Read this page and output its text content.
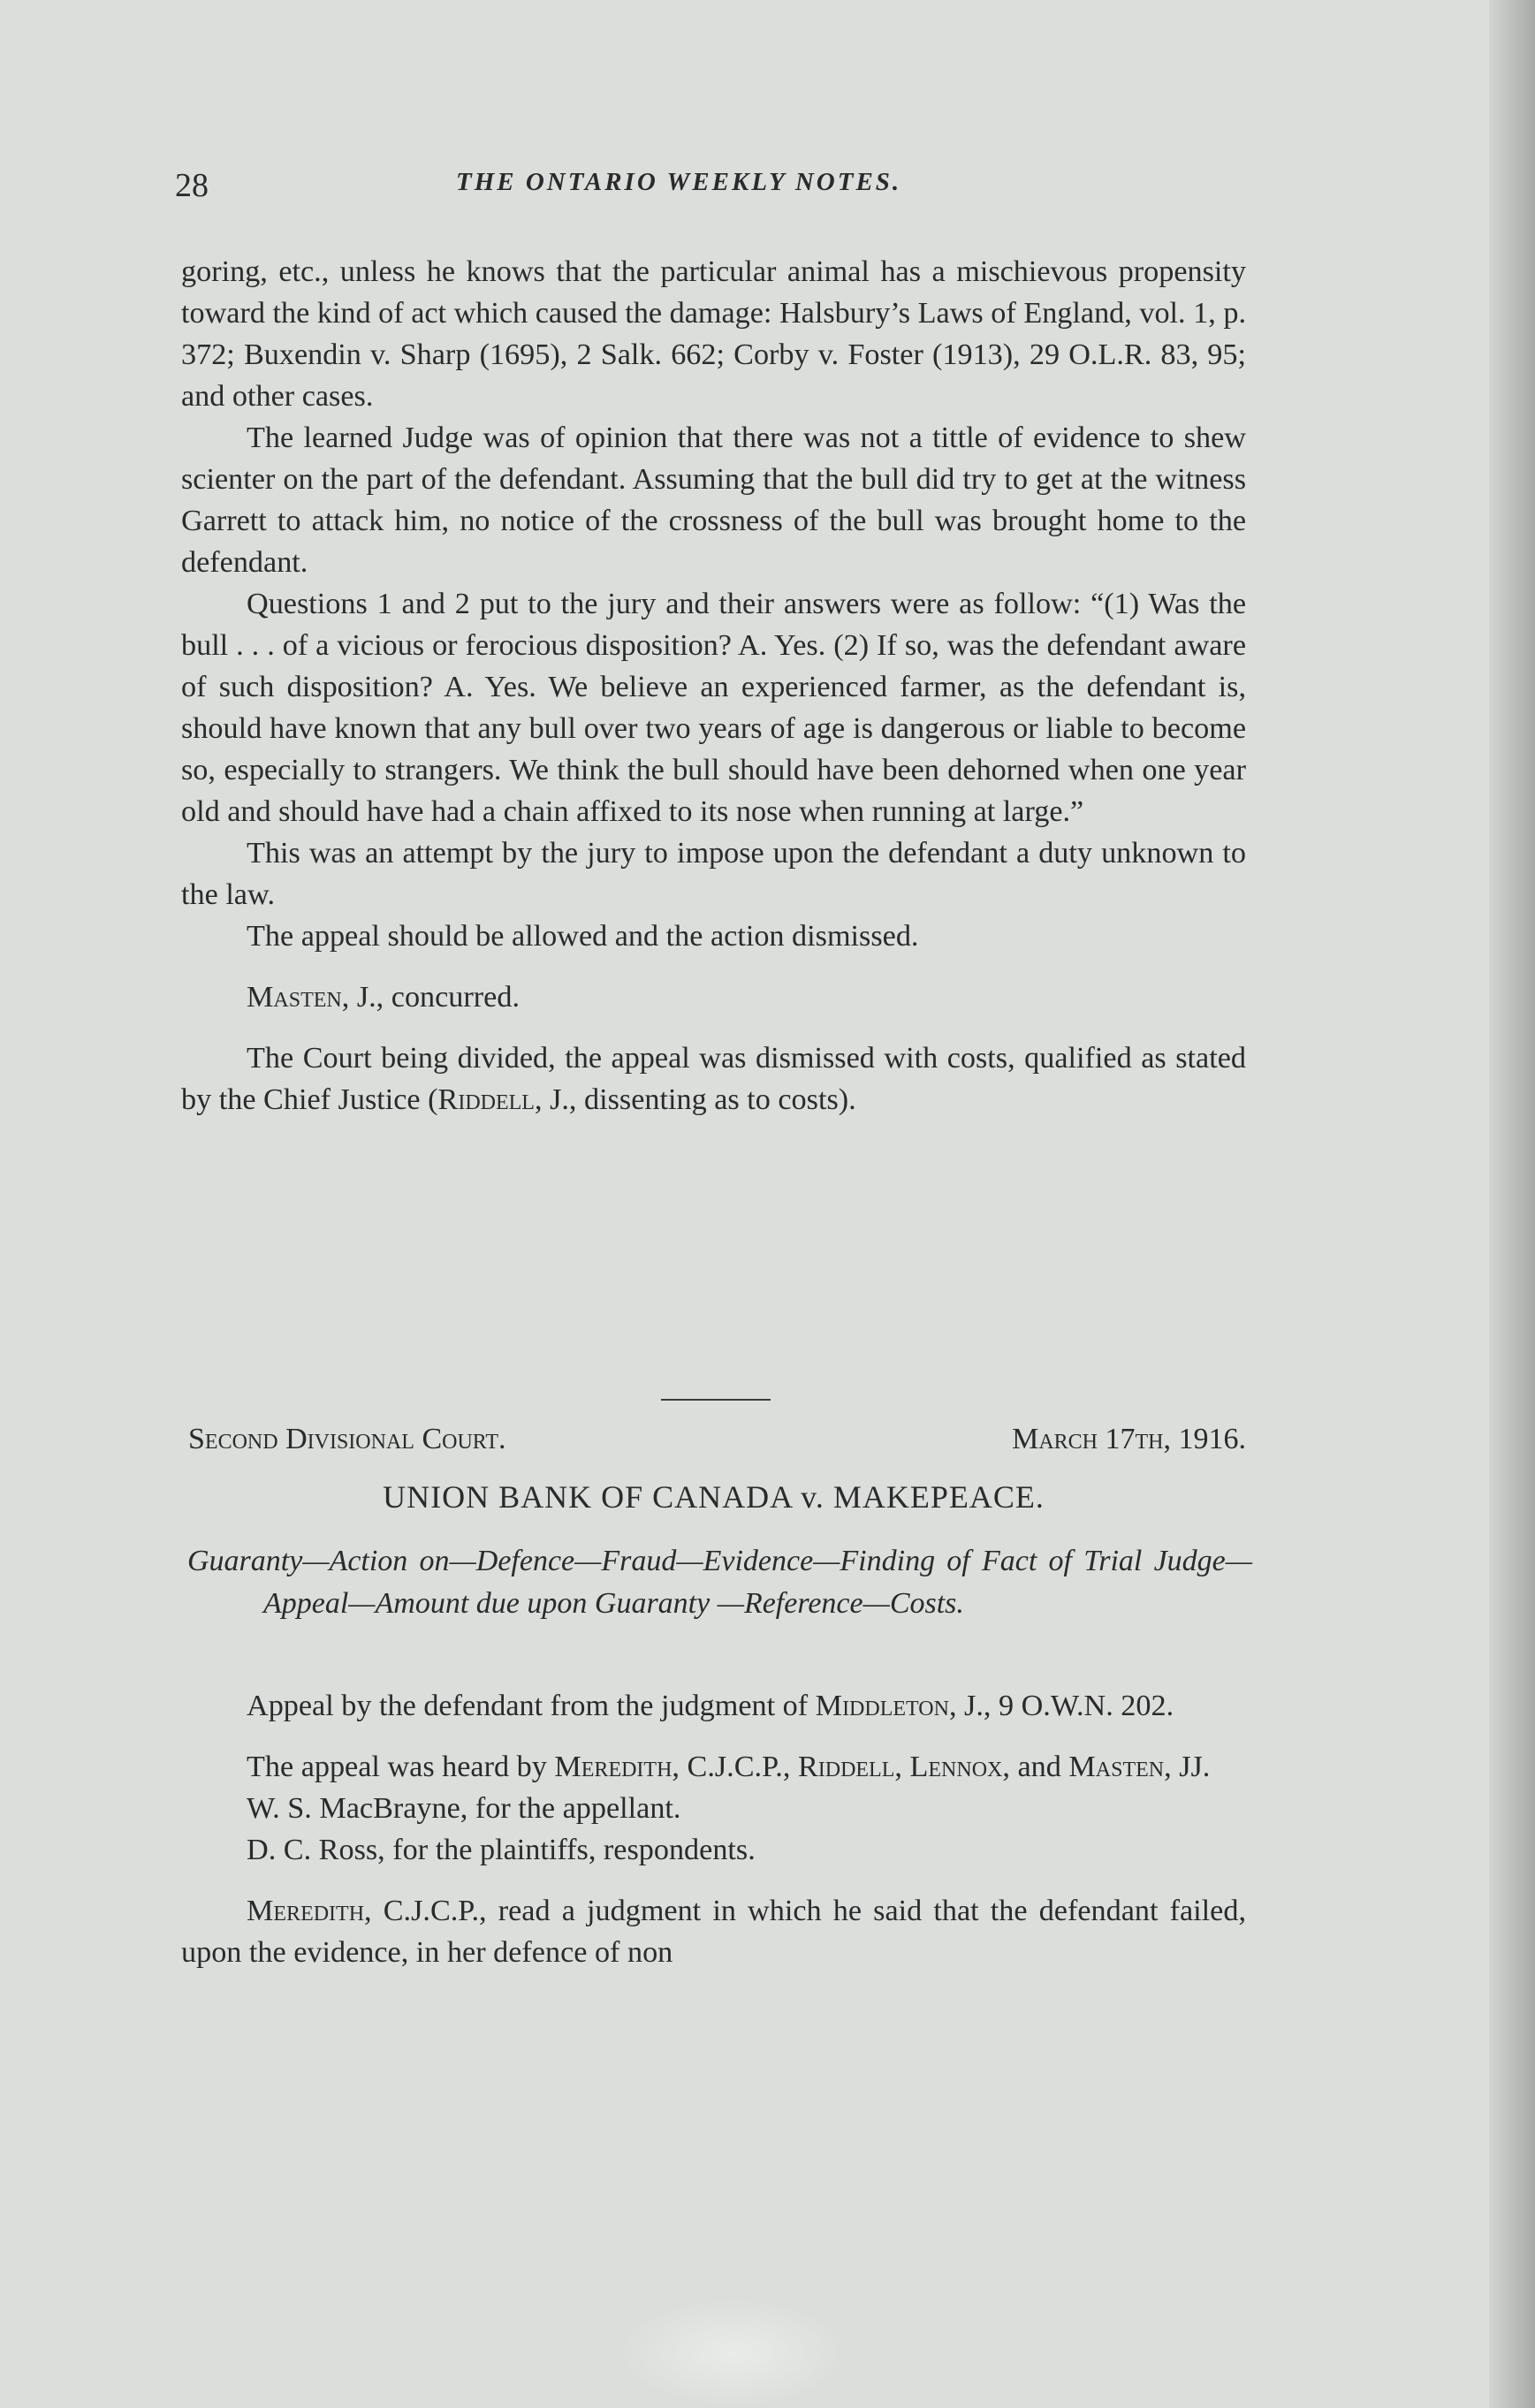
28	THE ONTARIO WEEKLY NOTES.

goring, etc., unless he knows that the particular animal has a mischievous propensity toward the kind of act which caused the damage: Halsbury’s Laws of England, vol. 1, p. 372; Buxendin v. Sharp (1695), 2 Salk. 662; Corby v. Foster (1913), 29 O.L.R. 83, 95; and other cases.

The learned Judge was of opinion that there was not a tittle of evidence to shew scienter on the part of the defendant. Assuming that the bull did try to get at the witness Garrett to attack him, no notice of the crossness of the bull was brought home to the defendant.

Questions 1 and 2 put to the jury and their answers were as follow: “(1) Was the bull . . . of a vicious or ferocious disposition? A. Yes. (2) If so, was the defendant aware of such disposition? A. Yes. We believe an experienced farmer, as the defendant is, should have known that any bull over two years of age is dangerous or liable to become so, especially to strangers. We think the bull should have been dehorned when one year old and should have had a chain affixed to its nose when running at large.”

This was an attempt by the jury to impose upon the defendant a duty unknown to the law.

The appeal should be allowed and the action dismissed.

Masten, J., concurred.

The Court being divided, the appeal was dismissed with costs, qualified as stated by the Chief Justice (Riddell, J., dissenting as to costs).

Second Divisional Court.	March 17th, 1916.
UNION BANK OF CANADA v. MAKEPEACE.

Guaranty—Action on—Defence—Fraud—Evidence—Finding of Fact of Trial Judge—Appeal—Amount due upon Guaranty —Reference—Costs.

Appeal by the defendant from the judgment of Middleton, J., 9 O.W.N. 202.

The appeal was heard by Meredith, C.J.C.P., Riddell, Lennox, and Masten, JJ.

W. S. MacBrayne, for the appellant.

D. C. Ross, for the plaintiffs, respondents.

Meredith, C.J.C.P., read a judgment in which he said that the defendant failed, upon the evidence, in her defence of non
